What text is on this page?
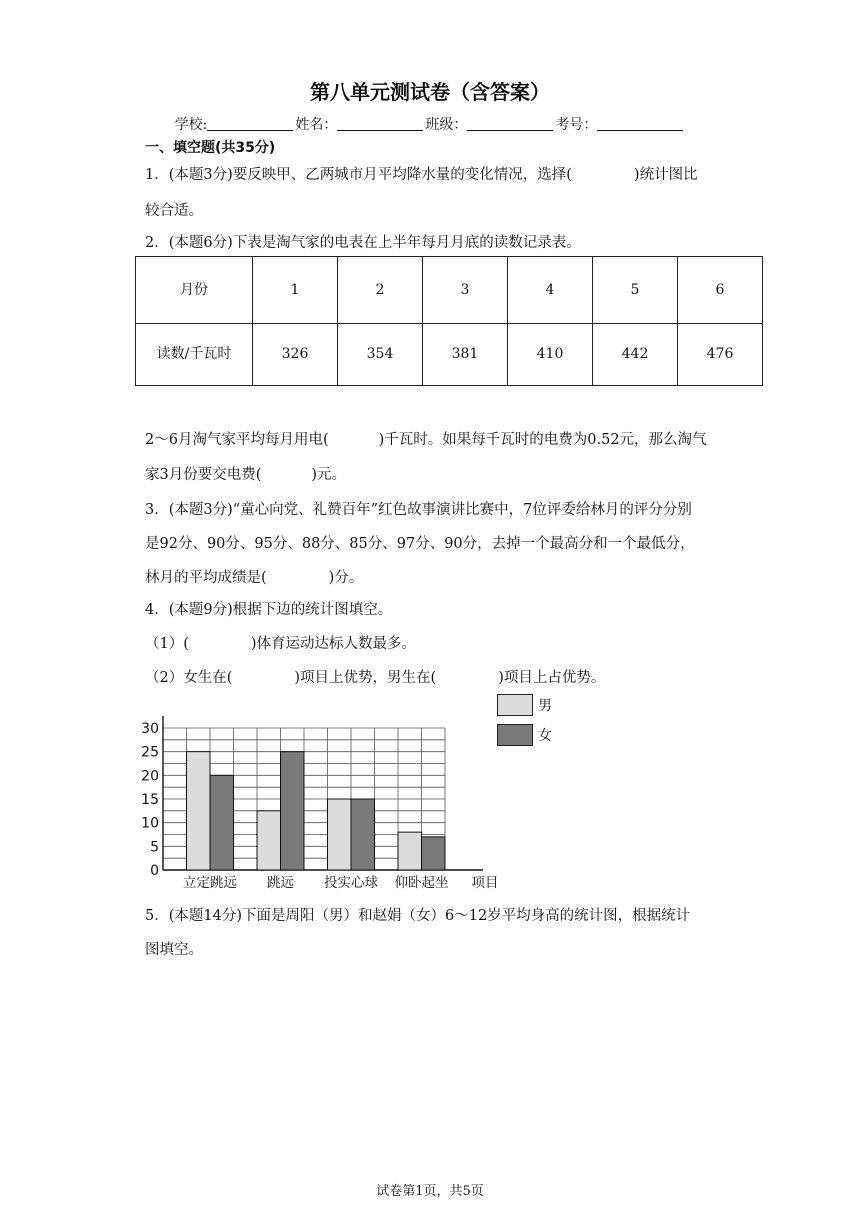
第八单元测试卷（含答案）
学校:	姓名：	班级：	考号：
一、填空题(共35分)
1．(本题3分)要反映甲、乙两城市月平均降水量的变化情况，选择(	)统计图比
较合适。
2．(本题6分)下表是淘气家的电表在上半年每月月底的读数记录表。
月份	1	2	3	4	5	6
读数/千瓦时	326	354	381	410	442	476
2～6月淘气家平均每月用电(	)千瓦时。如果每千瓦时的电费为0.52元，那么淘气
家3月份要交电费(	)元。
3．(本题3分)“童心向党、礼赞百年”红色故事演讲比赛中，7位评委给林月的评分分别
是92分、90分、95分、88分、85分、97分、90分，去掉一个最高分和一个最低分，
林月的平均成绩是(	)分。
4．(本题9分)根据下边的统计图填空。
（1）(	)体育运动达标人数最多。
（2）女生在(	)项目上优势，男生在(	)项目上占优势。
男
女
0
5
10
15
20
25
30
立定跳远 跳远 投实心球 仰卧起坐 项目
5．(本题14分)下面是周阳（男）和赵娟（女）6～12岁平均身高的统计图，根据统计
图填空。
试卷第1页，共5页
